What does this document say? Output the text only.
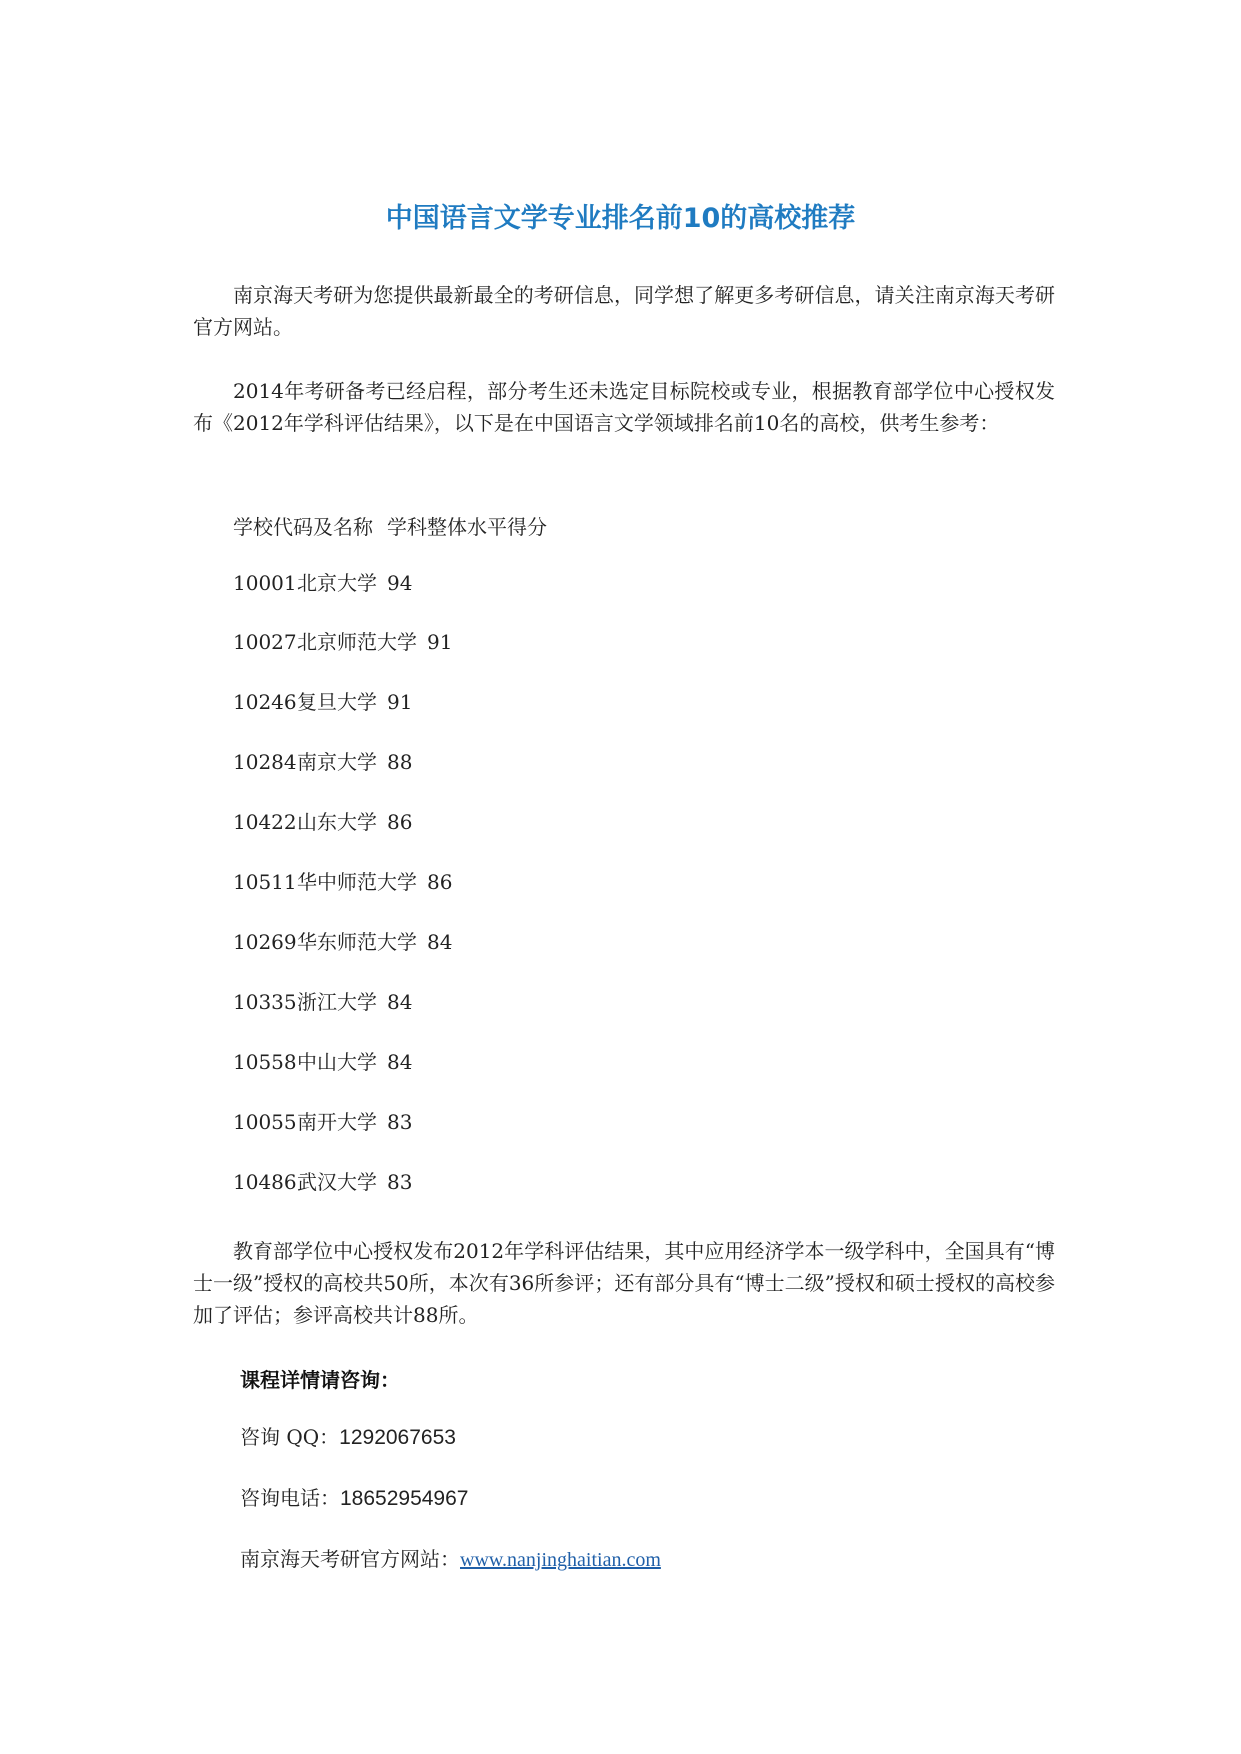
中国语言文学专业排名前10的高校推荐

南京海天考研为您提供最新最全的考研信息，同学想了解更多考研信息，请关注南京海天考研官方网站。

2014年考研备考已经启程，部分考生还未选定目标院校或专业，根据教育部学位中心授权发布《2012年学科评估结果》，以下是在中国语言文学领域排名前10名的高校，供考生参考：

学校代码及名称 学科整体水平得分
10001北京大学 94
10027北京师范大学 91
10246复旦大学 91
10284南京大学 88
10422山东大学 86
10511华中师范大学 86
10269华东师范大学 84
10335浙江大学 84
10558中山大学 84
10055南开大学 83
10486武汉大学 83

教育部学位中心授权发布2012年学科评估结果，其中应用经济学本一级学科中，全国具有“博士一级”授权的高校共50所，本次有36所参评；还有部分具有“博士二级”授权和硕士授权的高校参加了评估；参评高校共计88所。

课程详情请咨询：

咨询 QQ：1292067653

咨询电话：18652954967

南京海天考研官方网站：www.nanjinghaitian.com
